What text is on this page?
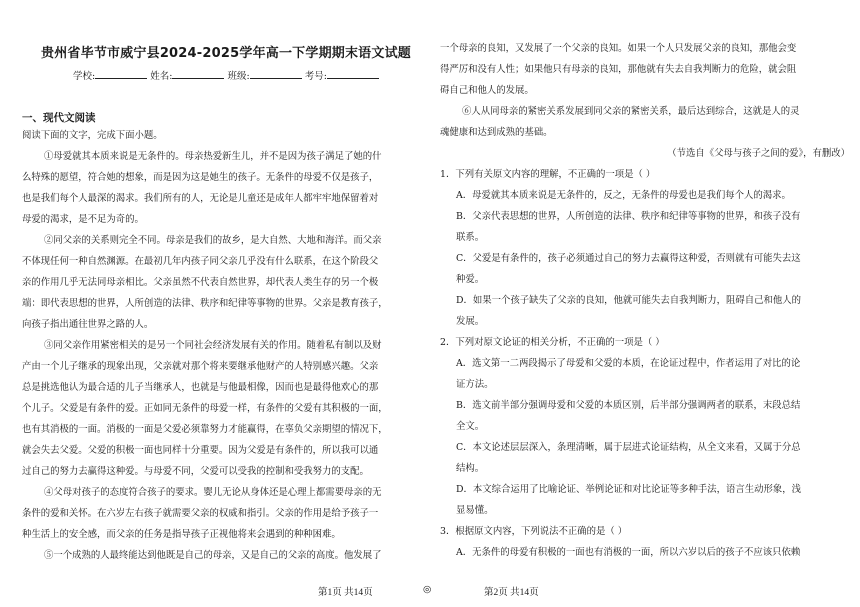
贵州省毕节市威宁县2024-2025学年高一下学期期末语文试题
学校:	姓名:	班级:	考号:
一、现代文阅读
阅读下面的文字，完成下面小题。
①母爱就其本质来说是无条件的。母亲热爱新生儿，并不是因为孩子满足了她的什
么特殊的愿望，符合她的想象，而是因为这是她生的孩子。无条件的母爱不仅是孩子，
也是我们每个人最深的渴求。我们所有的人，无论是儿童还是成年人都牢牢地保留着对
母爱的渴求，是不足为奇的。
②同父亲的关系则完全不同。母亲是我们的故乡，是大自然、大地和海洋。而父亲
不体现任何一种自然渊源。在最初几年内孩子同父亲几乎没有什么联系，在这个阶段父
亲的作用几乎无法同母亲相比。父亲虽然不代表自然世界，却代表人类生存的另一个极
端：即代表思想的世界，人所创造的法律、秩序和纪律等事物的世界。父亲是教育孩子，
向孩子指出通往世界之路的人。
③同父亲作用紧密相关的是另一个同社会经济发展有关的作用。随着私有制以及财
产由一个儿子继承的现象出现，父亲就对那个将来要继承他财产的人特别感兴趣。父亲
总是挑选他认为最合适的儿子当继承人，也就是与他最相像，因而也是最得他欢心的那
个儿子。父爱是有条件的爱。正如同无条件的母爱一样，有条件的父爱有其积极的一面，
也有其消极的一面。消极的一面是父爱必须靠努力才能赢得，在辜负父亲期望的情况下，
就会失去父爱。父爱的积极一面也同样十分重要。因为父爱是有条件的，所以我可以通
过自己的努力去赢得这种爱。与母爱不同，父爱可以受我的控制和受我努力的支配。
④父母对孩子的态度符合孩子的要求。婴儿无论从身体还是心理上都需要母亲的无
条件的爱和关怀。在六岁左右孩子就需要父亲的权威和指引。父亲的作用是给予孩子一
种生活上的安全感，而父亲的任务是指导孩子正视他将来会遇到的种种困难。
⑤一个成熟的人最终能达到他既是自己的母亲，又是自己的父亲的高度。他发展了
第1页 共14页	◎
一个母亲的良知，又发展了一个父亲的良知。如果一个人只发展父亲的良知，那他会变
得严厉和没有人性；如果他只有母亲的良知，那他就有失去自我判断力的危险，就会阻
碍自己和他人的发展。
⑥人从同母亲的紧密关系发展到同父亲的紧密关系，最后达到综合，这就是人的灵
魂健康和达到成熟的基础。
（节选自《父母与孩子之间的爱》，有删改）
1．下列有关原文内容的理解，不正确的一项是（ ）
A．母爱就其本质来说是无条件的，反之，无条件的母爱也是我们每个人的渴求。
B．父亲代表思想的世界，人所创造的法律、秩序和纪律等事物的世界，和孩子没有
联系。
C．父爱是有条件的，孩子必须通过自己的努力去赢得这种爱，否则就有可能失去这
种爱。
D．如果一个孩子缺失了父亲的良知，他就可能失去自我判断力，阻碍自己和他人的
发展。
2．下列对原文论证的相关分析，不正确的一项是（ ）
A．选文第一二两段揭示了母爱和父爱的本质，在论证过程中，作者运用了对比的论
证方法。
B．选文前半部分强调母爱和父爱的本质区别，后半部分强调两者的联系，末段总结
全文。
C．本文论述层层深入，条理清晰，属于层进式论证结构，从全文来看，又属于分总
结构。
D．本文综合运用了比喻论证、举例论证和对比论证等多种手法，语言生动形象，浅
显易懂。
3．根据原文内容，下列说法不正确的是（ ）
A．无条件的母爱有积极的一面也有消极的一面，所以六岁以后的孩子不应该只依赖
第2页 共14页
